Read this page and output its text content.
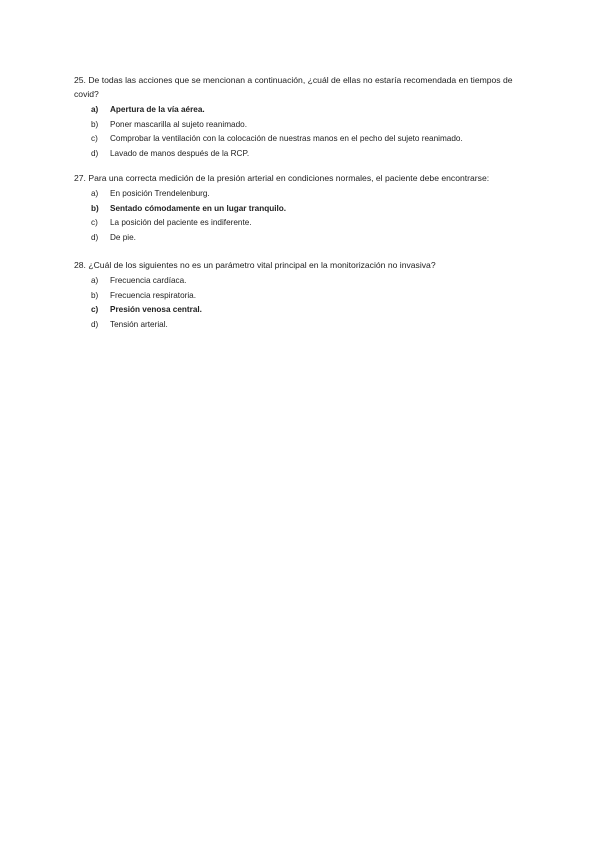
25. De todas las acciones que se mencionan a continuación, ¿cuál de ellas no estaría recomendada en tiempos de covid?

a)	Apertura de la vía aérea.
b)	Poner mascarilla al sujeto reanimado.
c)	Comprobar la ventilación con la colocación de nuestras manos en el pecho del sujeto reanimado.
d)	Lavado de manos después de la RCP.

27. Para una correcta medición de la presión arterial en condiciones normales, el paciente debe encontrarse:

a)	En posición Trendelenburg.
b)	Sentado cómodamente en un lugar tranquilo.
c)	La posición del paciente es indiferente.
d)	De pie.

28. ¿Cuál de los siguientes no es un parámetro vital principal en la monitorización no invasiva?

a)	Frecuencia cardíaca.
b)	Frecuencia respiratoria.
c)	Presión venosa central.
d)	Tensión arterial.
